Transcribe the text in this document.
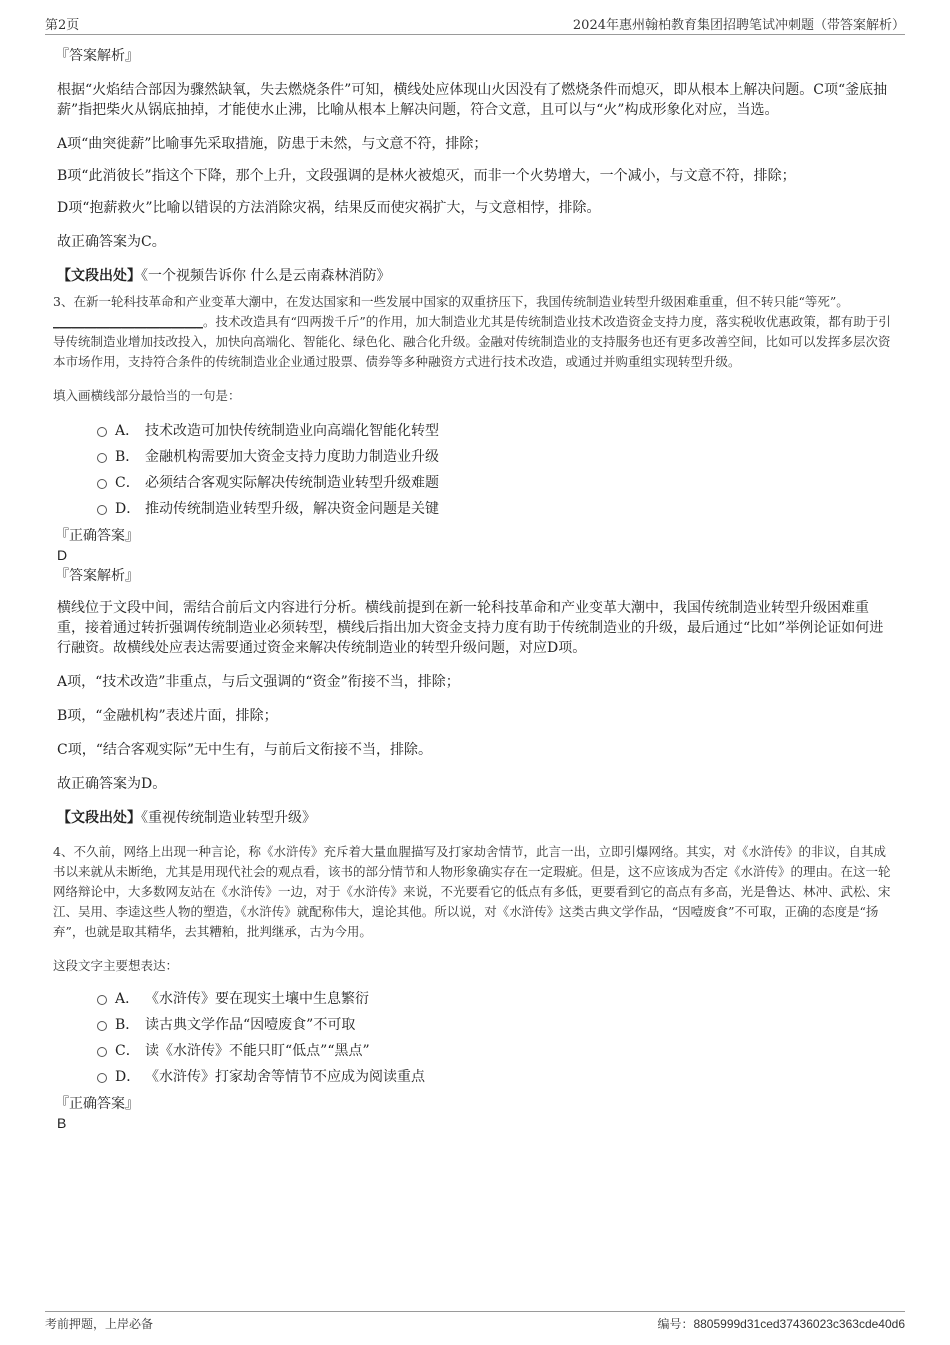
第2页	2024年惠州翰柏教育集团招聘笔试冲刺题（带答案解析）

『答案解析』

根据“火焰结合部因为骤然缺氧，失去燃烧条件”可知，横线处应体现山火因没有了燃烧条件而熄灭，即从根本上解决问题。C项“釜底抽薪”指把柴火从锅底抽掉，才能使水止沸，比喻从根本上解决问题，符合文意，且可以与“火”构成形象化对应，当选。

A项“曲突徙薪”比喻事先采取措施，防患于未然，与文意不符，排除；

B项“此消彼长”指这个下降，那个上升，文段强调的是林火被熄灭，而非一个火势增大，一个减小，与文意不符，排除；

D项“抱薪救火”比喻以错误的方法消除灾祸，结果反而使灾祸扩大，与文意相悖，排除。

故正确答案为C。

【文段出处】《一个视频告诉你 什么是云南森林消防》

3、在新一轮科技革命和产业变革大潮中，在发达国家和一些发展中国家的双重挤压下，我国传统制造业转型升级困难重重，但不转只能“等死”。________________________。技术改造具有“四两拨千斤”的作用，加大制造业尤其是传统制造业技术改造资金支持力度，落实税收优惠政策，都有助于引导传统制造业增加技改投入，加快向高端化、智能化、绿色化、融合化升级。金融对传统制造业的支持服务也还有更多改善空间，比如可以发挥多层次资本市场作用，支持符合条件的传统制造业企业通过股票、债券等多种融资方式进行技术改造，或通过并购重组实现转型升级。

填入画横线部分最恰当的一句是：

A． 技术改造可加快传统制造业向高端化智能化转型
B． 金融机构需要加大资金支持力度助力制造业升级
C． 必须结合客观实际解决传统制造业转型升级难题
D． 推动传统制造业转型升级，解决资金问题是关键

『正确答案』

D

『答案解析』

横线位于文段中间，需结合前后文内容进行分析。横线前提到在新一轮科技革命和产业变革大潮中，我国传统制造业转型升级困难重重，接着通过转折强调传统制造业必须转型，横线后指出加大资金支持力度有助于传统制造业的升级，最后通过“比如”举例论证如何进行融资。故横线处应表达需要通过资金来解决传统制造业的转型升级问题，对应D项。

A项，“技术改造”非重点，与后文强调的“资金”衔接不当，排除；

B项，“金融机构”表述片面，排除；

C项，“结合客观实际”无中生有，与前后文衔接不当，排除。

故正确答案为D。

【文段出处】《重视传统制造业转型升级》

4、不久前，网络上出现一种言论，称《水浒传》充斥着大量血腥描写及打家劫舍情节，此言一出，立即引爆网络。其实，对《水浒传》的非议，自其成书以来就从未断绝，尤其是用现代社会的观点看，该书的部分情节和人物形象确实存在一定瑕疵。但是，这不应该成为否定《水浒传》的理由。在这一轮网络辩论中，大多数网友站在《水浒传》一边，对于《水浒传》来说，不光要看它的低点有多低，更要看到它的高点有多高，光是鲁达、林冲、武松、宋江、吴用、李逵这些人物的塑造，《水浒传》就配称伟大，遑论其他。所以说，对《水浒传》这类古典文学作品，“因噎废食”不可取，正确的态度是“扬弃”，也就是取其精华，去其糟粕，批判继承，古为今用。

这段文字主要想表达：

A． 《水浒传》要在现实土壤中生息繁衍
B． 读古典文学作品“因噎废食”不可取
C． 读《水浒传》不能只盯“低点”“黑点”
D． 《水浒传》打家劫舍等情节不应成为阅读重点

『正确答案』

B

考前押题，上岸必备	编号：8805999d31ced37436023c363cde40d6
